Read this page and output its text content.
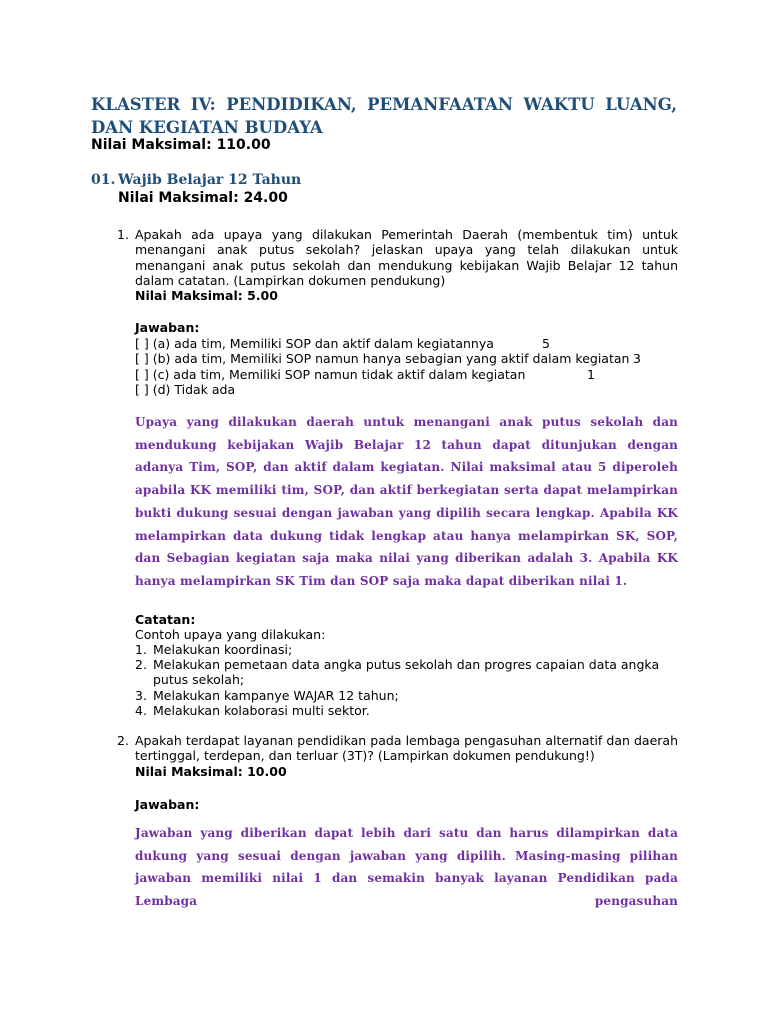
KLASTER IV: PENDIDIKAN, PEMANFAATAN WAKTU LUANG, DAN KEGIATAN BUDAYA
Nilai Maksimal: 110.00
01. Wajib Belajar 12 Tahun
Nilai Maksimal: 24.00
1. Apakah ada upaya yang dilakukan Pemerintah Daerah (membentuk tim) untuk menangani anak putus sekolah? jelaskan upaya yang telah dilakukan untuk menangani anak putus sekolah dan mendukung kebijakan Wajib Belajar 12 tahun dalam catatan. (Lampirkan dokumen pendukung)
Nilai Maksimal: 5.00
Jawaban:
[ ] (a) ada tim, Memiliki SOP dan aktif dalam kegiatannya	5
[ ] (b) ada tim, Memiliki SOP namun hanya sebagian yang aktif dalam kegiatan 3
[ ] (c) ada tim, Memiliki SOP namun tidak aktif dalam kegiatan	1
[ ] (d) Tidak ada
Upaya yang dilakukan daerah untuk menangani anak putus sekolah dan mendukung kebijakan Wajib Belajar 12 tahun dapat ditunjukan dengan adanya Tim, SOP, dan aktif dalam kegiatan. Nilai maksimal atau 5 diperoleh apabila KK memiliki tim, SOP, dan aktif berkegiatan serta dapat melampirkan bukti dukung sesuai dengan jawaban yang dipilih secara lengkap. Apabila KK melampirkan data dukung tidak lengkap atau hanya melampirkan SK, SOP, dan Sebagian kegiatan saja maka nilai yang diberikan adalah 3. Apabila KK hanya melampirkan SK Tim dan SOP saja maka dapat diberikan nilai 1.
Catatan:
Contoh upaya yang dilakukan:
1. Melakukan koordinasi;
2. Melakukan pemetaan data angka putus sekolah dan progres capaian data angka putus sekolah;
3. Melakukan kampanye WAJAR 12 tahun;
4. Melakukan kolaborasi multi sektor.
2. Apakah terdapat layanan pendidikan pada lembaga pengasuhan alternatif dan daerah tertinggal, terdepan, dan terluar (3T)? (Lampirkan dokumen pendukung!)
Nilai Maksimal: 10.00
Jawaban:
Jawaban yang diberikan dapat lebih dari satu dan harus dilampirkan data dukung yang sesuai dengan jawaban yang dipilih. Masing-masing pilihan jawaban memiliki nilai 1 dan semakin banyak layanan Pendidikan pada Lembaga pengasuhan
